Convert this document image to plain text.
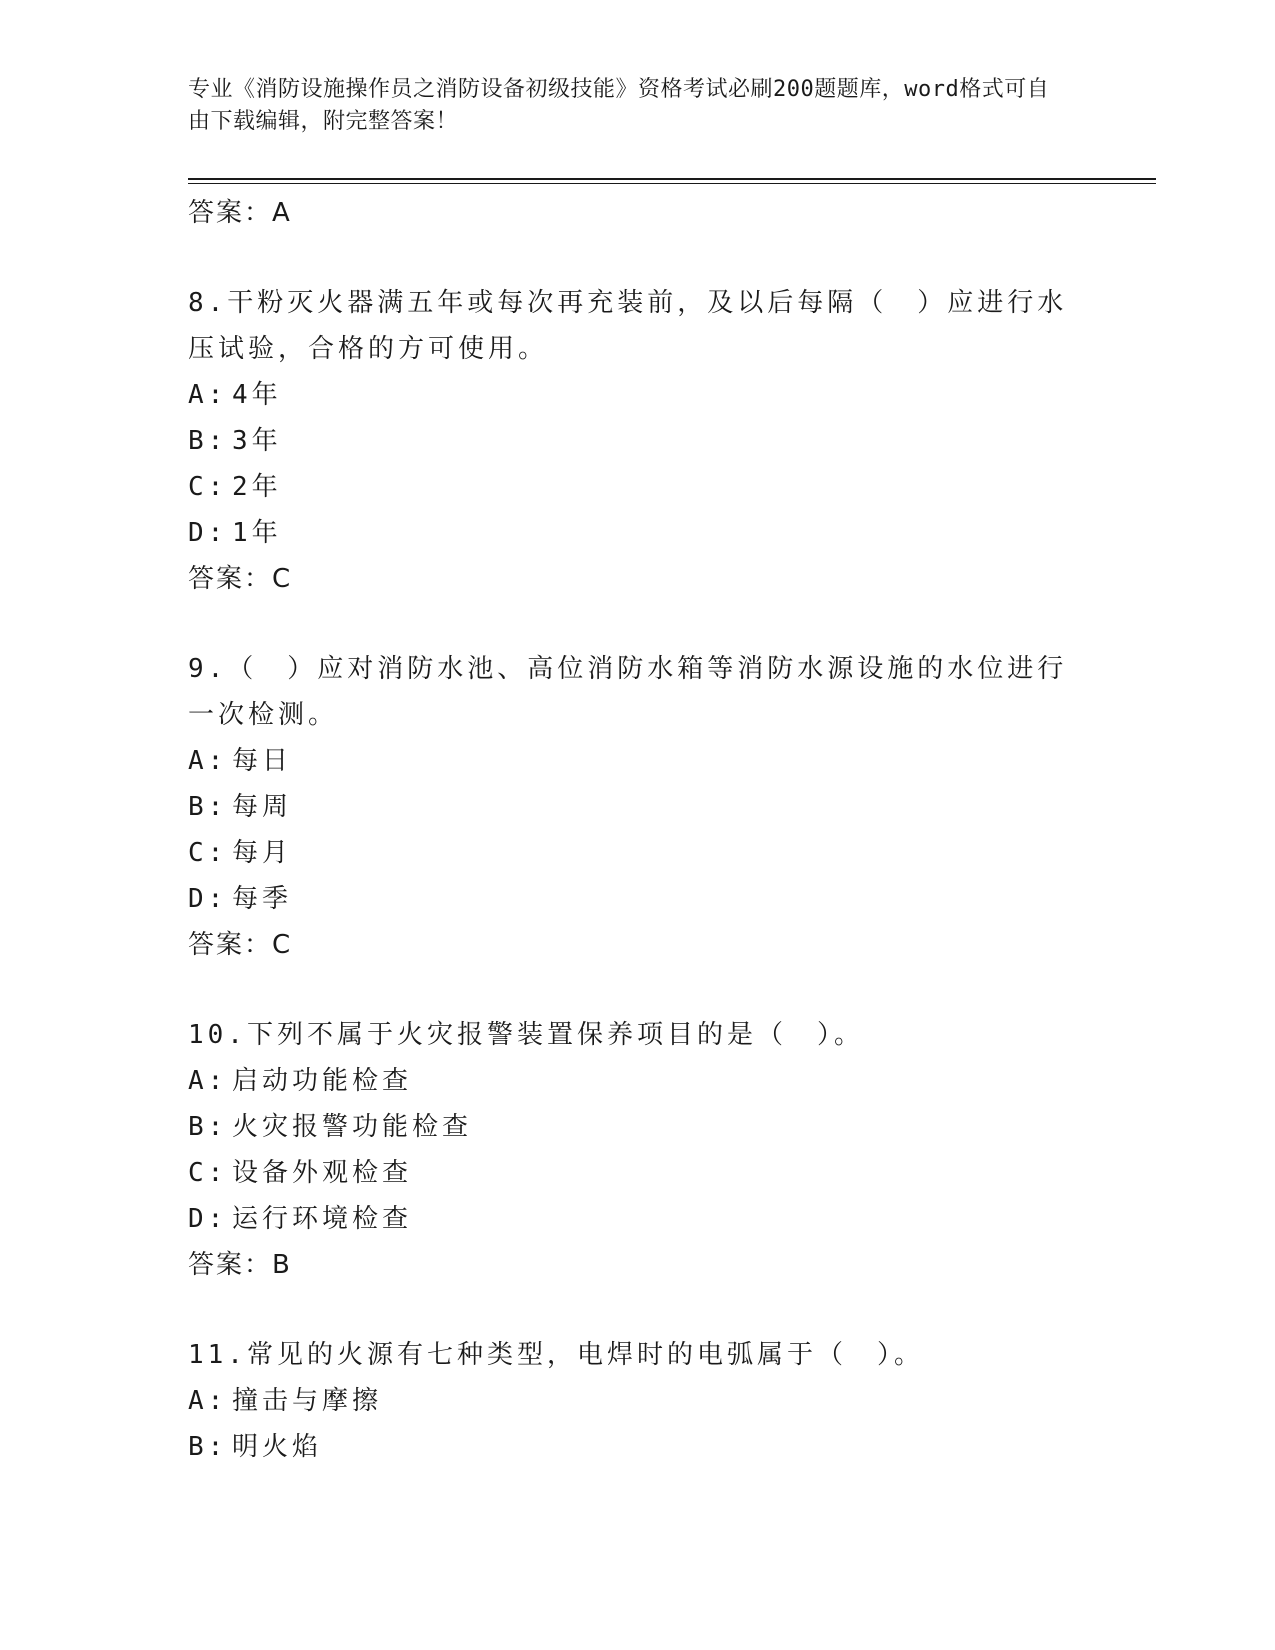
专业《消防设施操作员之消防设备初级技能》资格考试必刷200题题库，word格式可自由下载编辑，附完整答案！
答案：A
8.干粉灭火器满五年或每次再充装前，及以后每隔（　）应进行水压试验，合格的方可使用。
A: 4年
B: 3年
C: 2年
D: 1年
答案：C
9.（　）应对消防水池、高位消防水箱等消防水源设施的水位进行一次检测。
A: 每日
B: 每周
C: 每月
D: 每季
答案：C
10.下列不属于火灾报警装置保养项目的是（　）。
A: 启动功能检查
B: 火灾报警功能检查
C: 设备外观检查
D: 运行环境检查
答案：B
11.常见的火源有七种类型，电焊时的电弧属于（　）。
A: 撞击与摩擦
B: 明火焰
